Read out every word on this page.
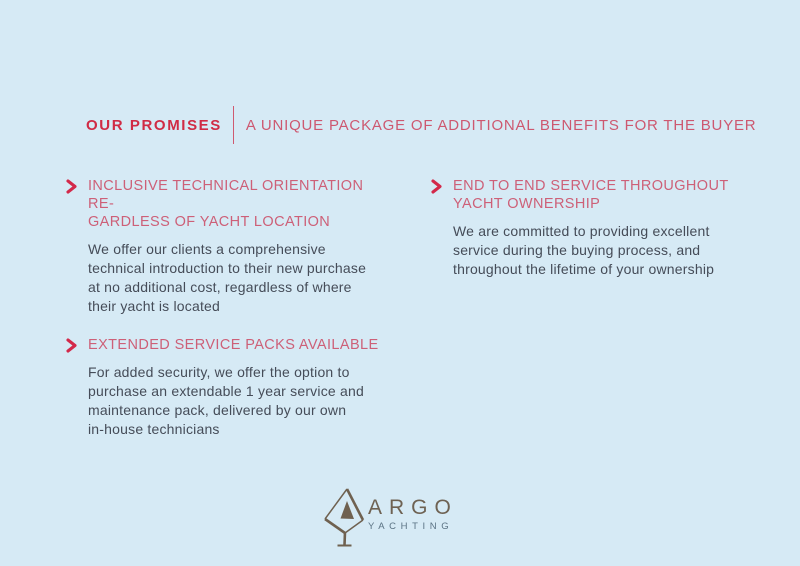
OUR PROMISES A UNIQUE PACKAGE OF ADDITIONAL BENEFITS FOR THE BUYER
INCLUSIVE TECHNICAL ORIENTATION RE-
GARDLESS OF YACHT LOCATION
We offer our clients a comprehensive
technical introduction to their new purchase
at no additional cost, regardless of where
their yacht is located
END TO END SERVICE THROUGHOUT
YACHT OWNERSHIP
We are committed to providing excellent
service during the buying process, and
throughout the lifetime of your ownership
EXTENDED SERVICE PACKS AVAILABLE
For added security, we offer the option to
purchase an extendable 1 year service and
maintenance pack, delivered by our own
in-house technicians
ARGO
YACHTING
